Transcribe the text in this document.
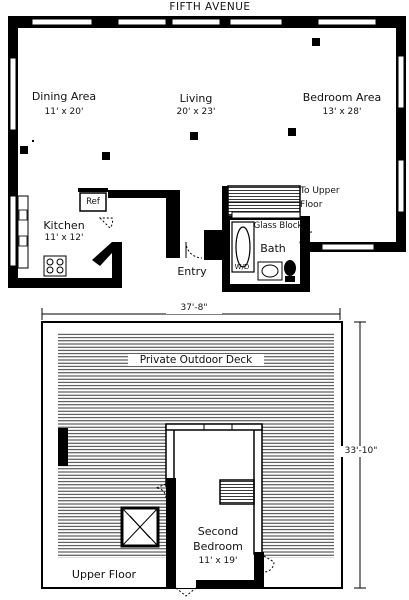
FIFTH AVENUE
Dining Area
11' x 20'
Living
20' x 23'
Bedroom Area
13' x 28'
Kitchen
11' x 12'
Ref
W/D
Glass Block
Bath
Entry
To Upper
Floor
37'-8"
33'-10"
Private Outdoor Deck
Second
Bedroom
11' x 19'
Upper Floor
